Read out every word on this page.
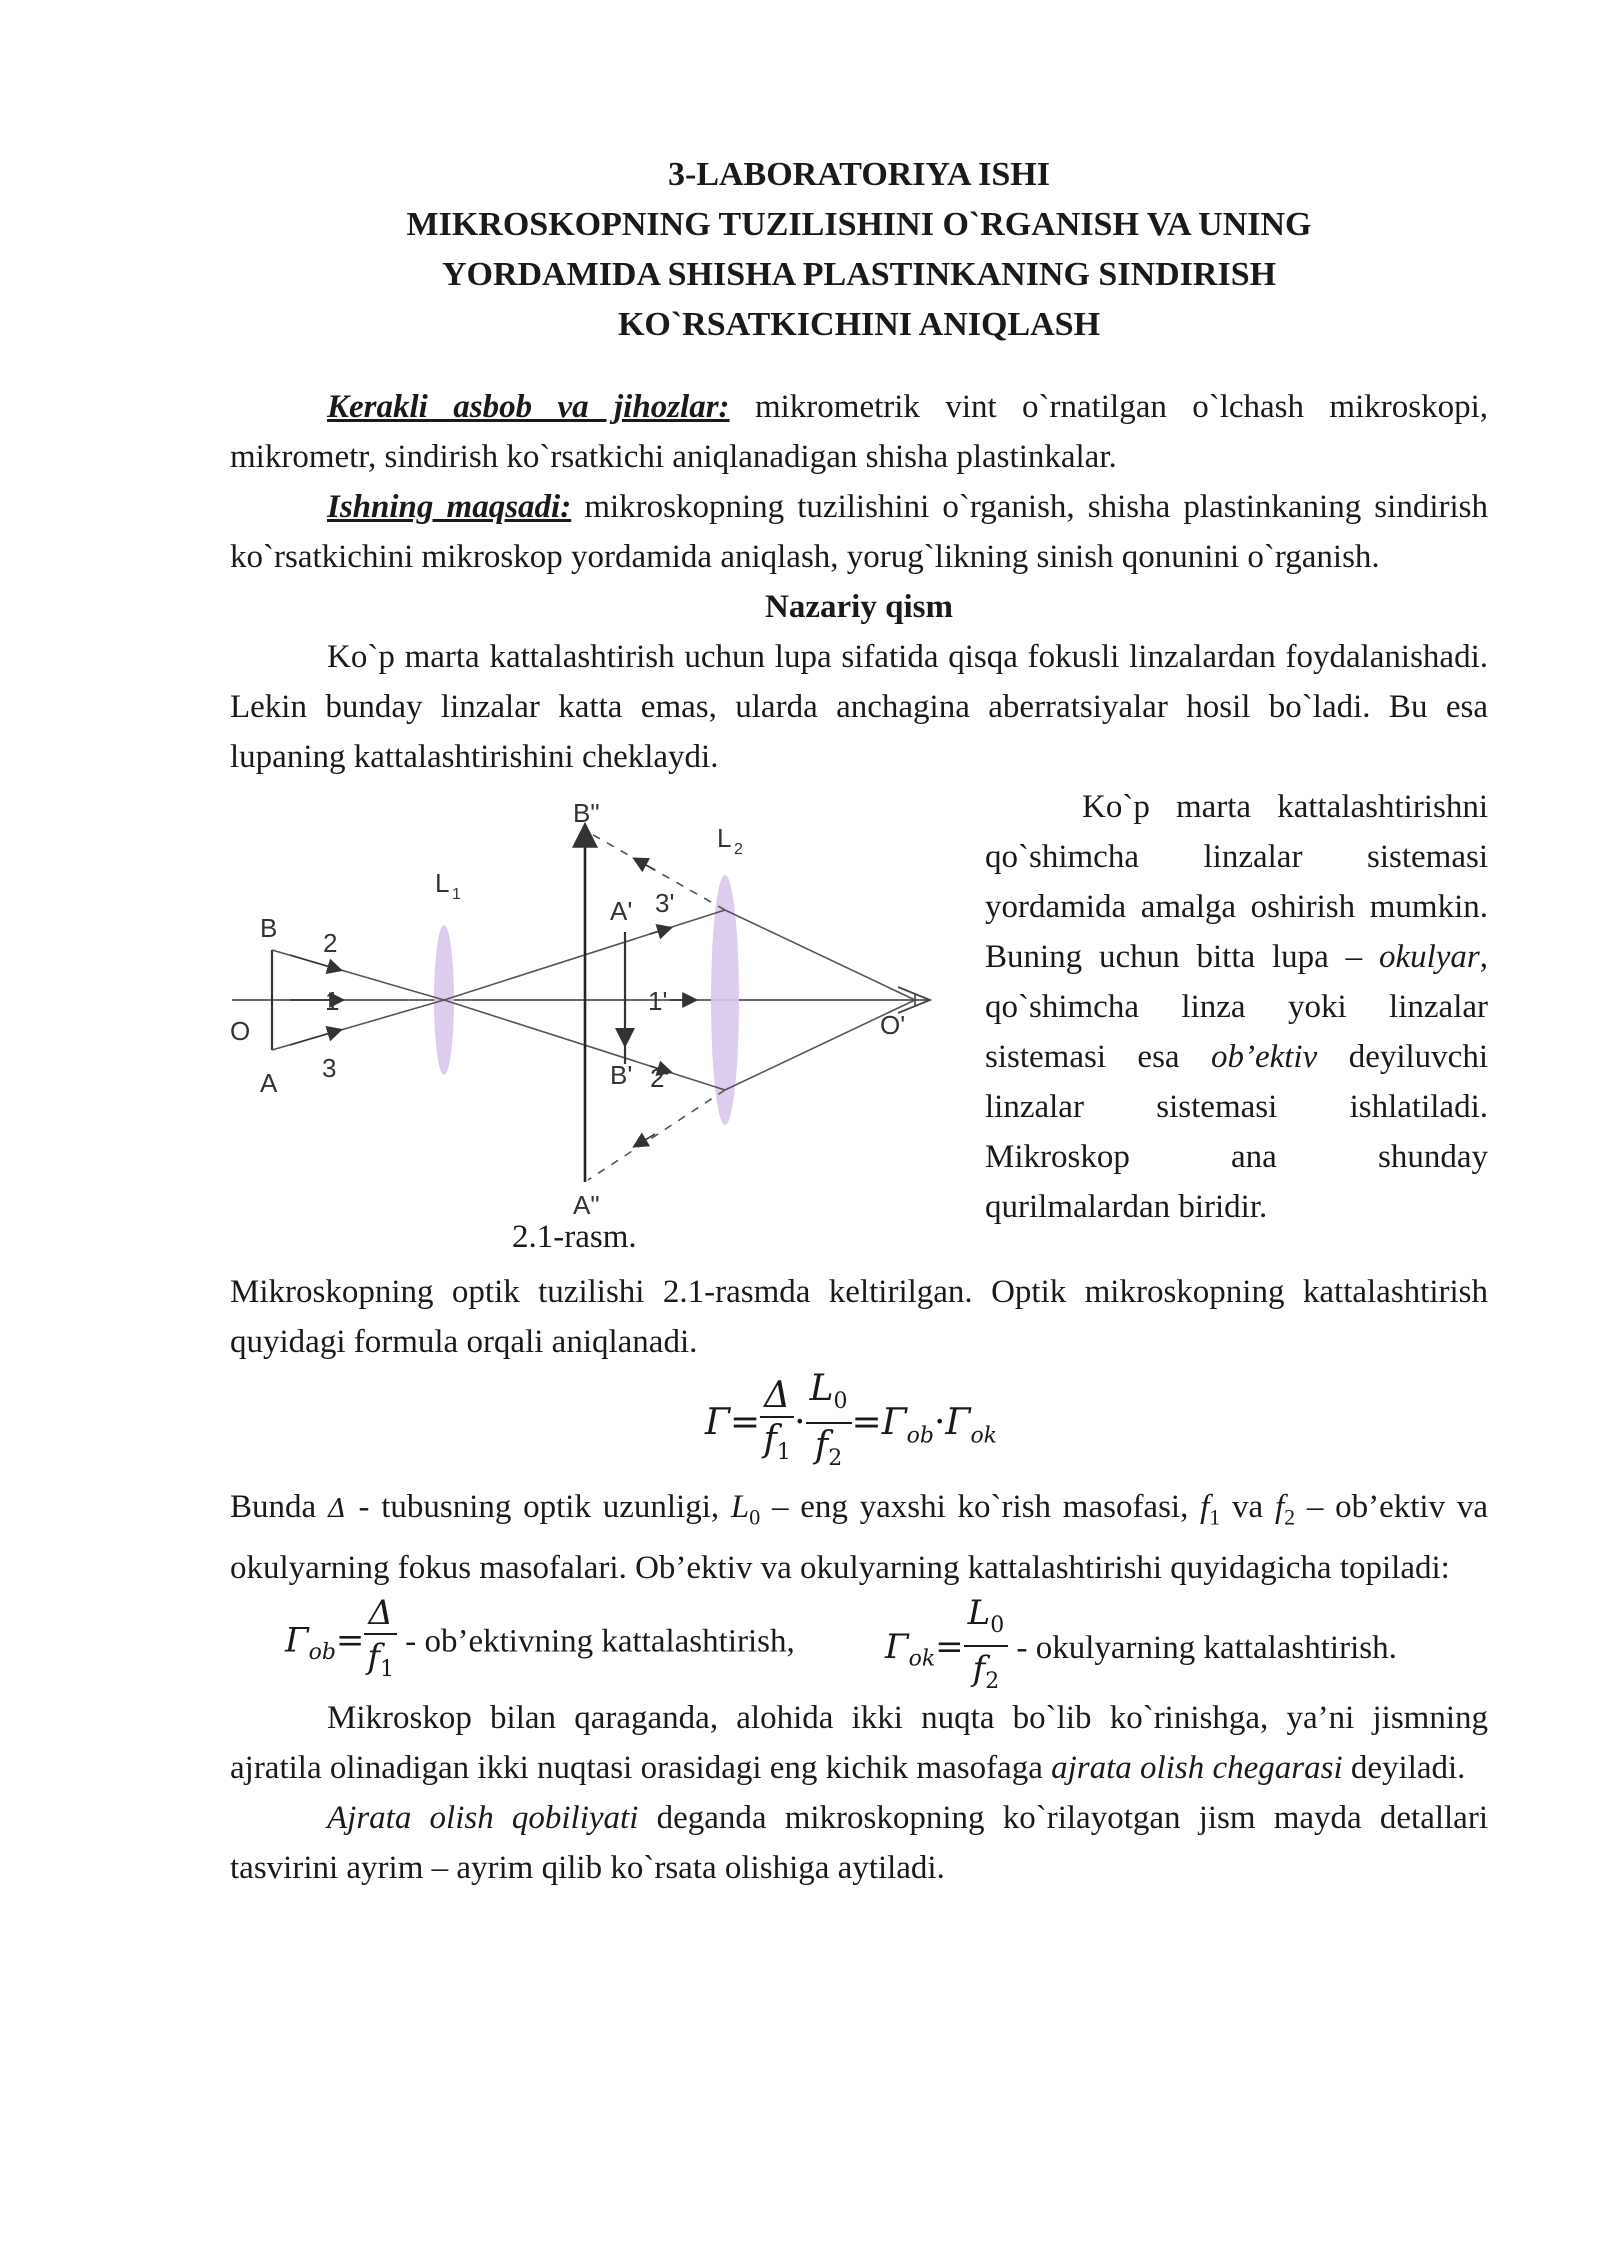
3-LABORATORIYA ISHI
MIKROSKOPNING TUZILISHINI O`RGANISH VA UNING
YORDAMIDA SHISHA PLASTINKANING SINDIRISH
KO`RSATKICHINI ANIQLASH

Kerakli asbob va jihozlar: mikrometrik vint o`rnatilgan o`lchash mikroskopi, mikrometr, sindirish ko`rsatkichi aniqlanadigan shisha plastinkalar.

Ishning maqsadi: mikroskopning tuzilishini o`rganish, shisha plastinkaning sindirish ko`rsatkichini mikroskop yordamida aniqlash, yorug`likning sinish qonunini o`rganish.

Nazariy qism

Ko`p marta kattalashtirish uchun lupa sifatida qisqa fokusli linzalardan foydalanishadi. Lekin bunday linzalar katta emas, ularda anchagina aberratsiyalar hosil bo`ladi. Bu esa lupaning kattalashtirishini cheklaydi.

B"
L 1
L 2
B 2
A' 3'
1	1'
O	O'
A 3	B' 2'
A"
2.1-rasm.

Ko`p marta kattalashtirishni qo`shimcha linzalar sistemasi yordamida amalga oshirish mumkin. Buning uchun bitta lupa – okulyar, qo`shimcha linza yoki linzalar sistemasi esa ob’ektiv deyiluvchi linzalar sistemasi ishlatiladi. Mikroskop ana shunday qurilmalardan biridir.

Mikroskopning optik tuzilishi 2.1-rasmda keltirilgan. Optik mikroskopning kattalashtirish quyidagi formula orqali aniqlanadi.

$\Gamma= \frac{\Delta}{f_1} \cdot \frac{L_0}{f_2} =\Gamma_{ob}\cdot\Gamma_{ok}$

Bunda Δ - tubusning optik uzunligi, $L_0$ – eng yaxshi ko`rish masofasi, $f_1$ va $f_2$ – ob’ektiv va okulyarning fokus masofalari. Ob’ektiv va okulyarning kattalashtirishi quyidagicha topiladi:

$\Gamma_{ob}= \frac{\Delta}{f_1}$ - ob’ektivning kattalashtirish,	$\Gamma_{ok}= \frac{L_0}{f_2}$ - okulyarning kattalashtirish.

Mikroskop bilan qaraganda, alohida ikki nuqta bo`lib ko`rinishga, ya’ni jismning ajratila olinadigan ikki nuqtasi orasidagi eng kichik masofaga ajrata olish chegarasi deyiladi.

Ajrata olish qobiliyati deganda mikroskopning ko`rilayotgan jism mayda detallari tasvirini ayrim – ayrim qilib ko`rsata olishiga aytiladi.
